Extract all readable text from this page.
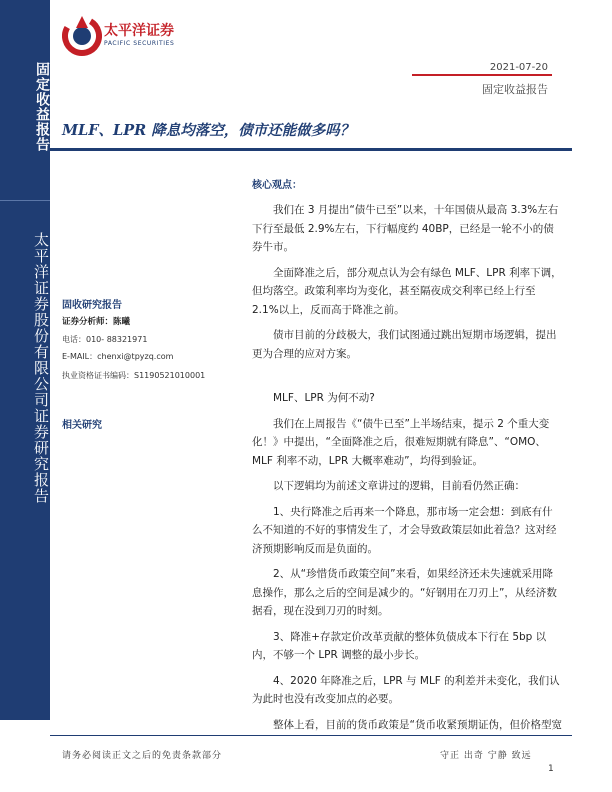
固定收益报告
太平洋证券股份有限公司证券研究报告
太平洋证券
PACIFIC SECURITIES
2021-07-20
固定收益报告
MLF、LPR 降息均落空，债市还能做多吗？
核心观点：

我们在 3 月提出“债牛已至”以来，十年国债从最高 3.3%左右下行至最低 2.9%左右，下行幅度约 40BP，已经是一轮不小的债券牛市。

全面降准之后，部分观点认为会有绿色 MLF、LPR 利率下调，但均落空。政策利率均为变化，甚至隔夜成交利率已经上行至 2.1%以上，反而高于降准之前。

债市目前的分歧极大，我们试图通过跳出短期市场逻辑，提出更为合理的应对方案。

固收研究报告
证券分析师：陈曦
电话：010- 88321971
E-MAIL：chenxi@tpyzq.com
执业资格证书编码：S1190521010001
相关研究

MLF、LPR 为何不动?

我们在上周报告《“债牛已至”上半场结束，提示 2 个重大变化！》中提出，“全面降准之后，很难短期就有降息”、“OMO、MLF 利率不动，LPR 大概率难动”，均得到验证。

以下逻辑均为前述文章讲过的逻辑，目前看仍然正确：

1、央行降准之后再来一个降息，那市场一定会想：到底有什么不知道的不好的事情发生了，才会导致政策层如此着急？这对经济预期影响反而是负面的。

2、从“珍惜货币政策空间”来看，如果经济还未失速就采用降息操作，那么之后的空间是减少的。“好钢用在刀刃上”，从经济数据看，现在没到刀刃的时刻。

3、降准+存款定价改革贡献的整体负债成本下行在 5bp 以内，不够一个 LPR 调整的最小步长。

4、2020 年降准之后，LPR 与 MLF 的利差并未变化，我们认为此时也没有改变加点的必要。

整体上看，目前的货币政策是“货币收紧预期证伪，但价格型宽

请务必阅读正文之后的免责条款部分	守正 出奇 宁静 致远
1
